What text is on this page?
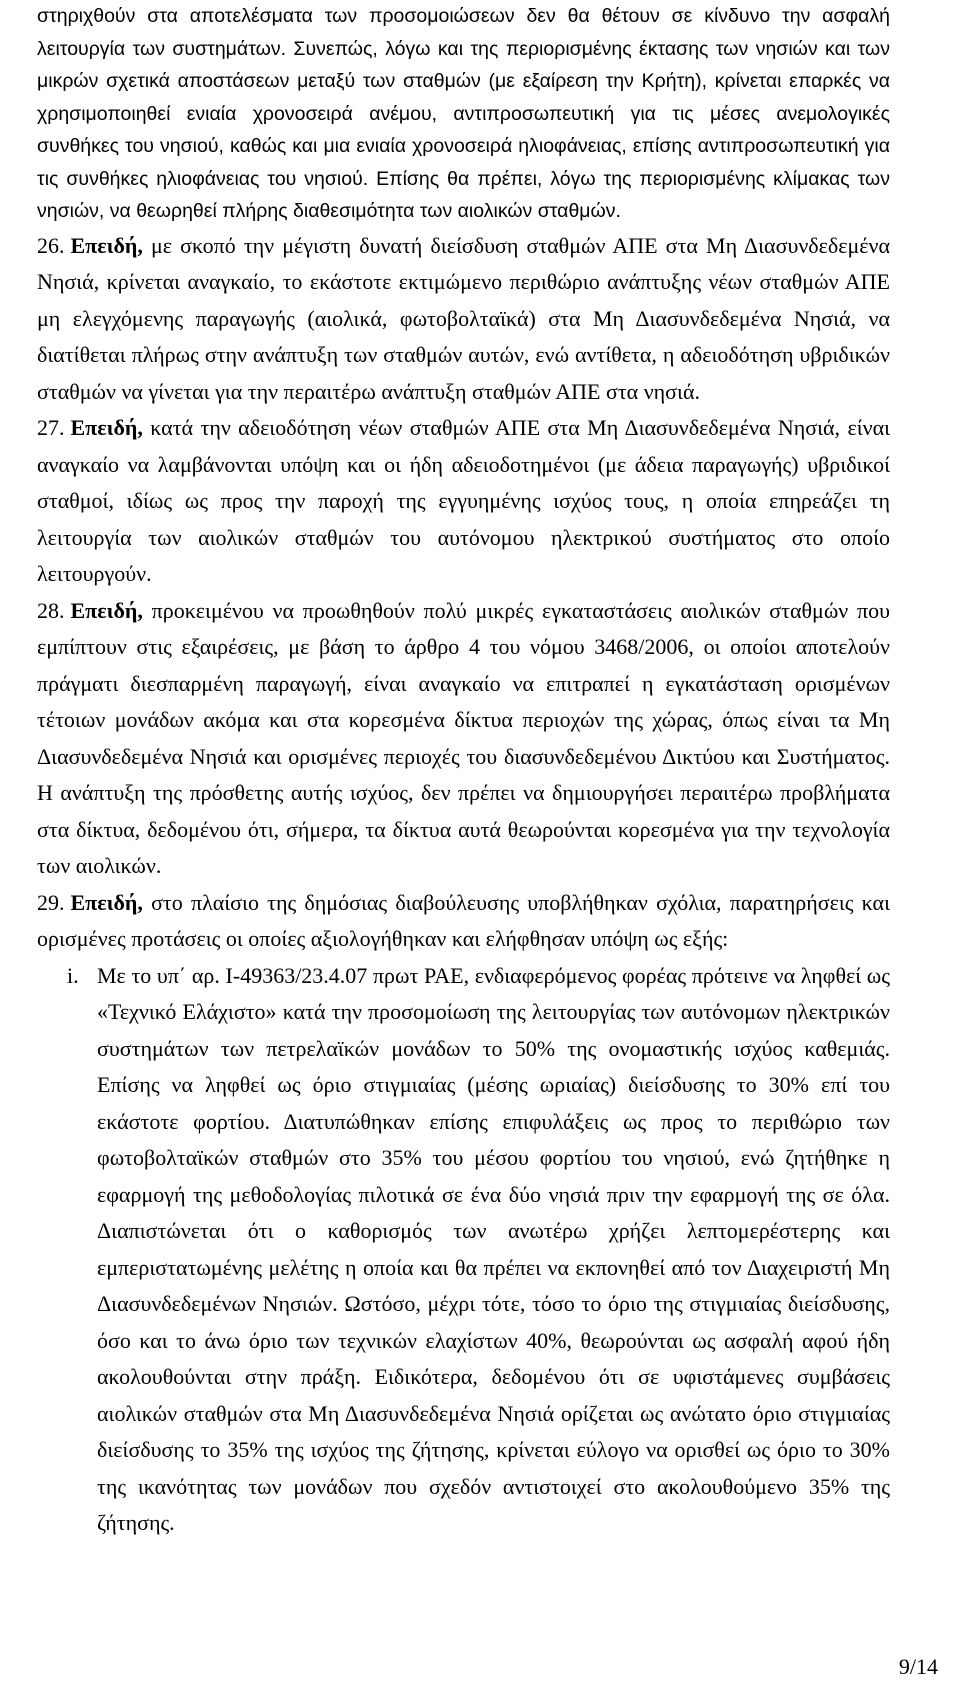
στηριχθούν στα αποτελέσματα των προσομοιώσεων δεν θα θέτουν σε κίνδυνο την ασφαλή λειτουργία των συστημάτων. Συνεπώς, λόγω και της περιορισμένης έκτασης των νησιών και των μικρών σχετικά αποστάσεων μεταξύ των σταθμών (με εξαίρεση την Κρήτη), κρίνεται επαρκές να χρησιμοποιηθεί ενιαία χρονοσειρά ανέμου, αντιπροσωπευτική για τις μέσες ανεμολογικές συνθήκες του νησιού, καθώς και μια ενιαία χρονοσειρά ηλιοφάνειας, επίσης αντιπροσωπευτική για τις συνθήκες ηλιοφάνειας του νησιού. Επίσης θα πρέπει, λόγω της περιορισμένης κλίμακας των νησιών, να θεωρηθεί πλήρης διαθεσιμότητα των αιολικών σταθμών.

26. Επειδή, με σκοπό την μέγιστη δυνατή διείσδυση σταθμών ΑΠΕ στα Μη Διασυνδεδεμένα Νησιά, κρίνεται αναγκαίο, το εκάστοτε εκτιμώμενο περιθώριο ανάπτυξης νέων σταθμών ΑΠΕ μη ελεγχόμενης παραγωγής (αιολικά, φωτοβολταϊκά) στα Μη Διασυνδεδεμένα Νησιά, να διατίθεται πλήρως στην ανάπτυξη των σταθμών αυτών, ενώ αντίθετα, η αδειοδότηση υβριδικών σταθμών να γίνεται για την περαιτέρω ανάπτυξη σταθμών ΑΠΕ στα νησιά.
27. Επειδή, κατά την αδειοδότηση νέων σταθμών ΑΠΕ στα Μη Διασυνδεδεμένα Νησιά, είναι αναγκαίο να λαμβάνονται υπόψη και οι ήδη αδειοδοτημένοι (με άδεια παραγωγής) υβριδικοί σταθμοί, ιδίως ως προς την παροχή της εγγυημένης ισχύος τους, η οποία επηρεάζει τη λειτουργία των αιολικών σταθμών του αυτόνομου ηλεκτρικού συστήματος στο οποίο λειτουργούν.
28. Επειδή, προκειμένου να προωθηθούν πολύ μικρές εγκαταστάσεις αιολικών σταθμών που εμπίπτουν στις εξαιρέσεις, με βάση το άρθρο 4 του νόμου 3468/2006, οι οποίοι αποτελούν πράγματι διεσπαρμένη παραγωγή, είναι αναγκαίο να επιτραπεί η εγκατάσταση ορισμένων τέτοιων μονάδων ακόμα και στα κορεσμένα δίκτυα περιοχών της χώρας, όπως είναι τα Μη Διασυνδεδεμένα Νησιά και ορισμένες περιοχές του διασυνδεδεμένου Δικτύου και Συστήματος. Η ανάπτυξη της πρόσθετης αυτής ισχύος, δεν πρέπει να δημιουργήσει περαιτέρω προβλήματα στα δίκτυα, δεδομένου ότι, σήμερα, τα δίκτυα αυτά θεωρούνται κορεσμένα για την τεχνολογία των αιολικών.
29. Επειδή, στο πλαίσιο της δημόσιας διαβούλευσης υποβλήθηκαν σχόλια, παρατηρήσεις και ορισμένες προτάσεις οι οποίες αξιολογήθηκαν και ελήφθησαν υπόψη ως εξής:
i. Με το υπ΄ αρ. Ι-49363/23.4.07 πρωτ ΡΑΕ, ενδιαφερόμενος φορέας πρότεινε να ληφθεί ως «Τεχνικό Ελάχιστο» κατά την προσομοίωση της λειτουργίας των αυτόνομων ηλεκτρικών συστημάτων των πετρελαϊκών μονάδων το 50% της ονομαστικής ισχύος καθεμιάς. Επίσης να ληφθεί ως όριο στιγμιαίας (μέσης ωριαίας) διείσδυσης το 30% επί του εκάστοτε φορτίου. Διατυπώθηκαν επίσης επιφυλάξεις ως προς το περιθώριο των φωτοβολταϊκών σταθμών στο 35% του μέσου φορτίου του νησιού, ενώ ζητήθηκε η εφαρμογή της μεθοδολογίας πιλοτικά σε ένα δύο νησιά πριν την εφαρμογή της σε όλα. Διαπιστώνεται ότι ο καθορισμός των ανωτέρω χρήζει λεπτομερέστερης και εμπεριστατωμένης μελέτης η οποία και θα πρέπει να εκπονηθεί από τον Διαχειριστή Μη Διασυνδεδεμένων Νησιών. Ωστόσο, μέχρι τότε, τόσο το όριο της στιγμιαίας διείσδυσης, όσο και το άνω όριο των τεχνικών ελαχίστων 40%, θεωρούνται ως ασφαλή αφού ήδη ακολουθούνται στην πράξη. Ειδικότερα, δεδομένου ότι σε υφιστάμενες συμβάσεις αιολικών σταθμών στα Μη Διασυνδεδεμένα Νησιά ορίζεται ως ανώτατο όριο στιγμιαίας διείσδυσης το 35% της ισχύος της ζήτησης, κρίνεται εύλογο να ορισθεί ως όριο το 30% της ικανότητας των μονάδων που σχεδόν αντιστοιχεί στο ακολουθούμενο 35% της ζήτησης.
9/14
